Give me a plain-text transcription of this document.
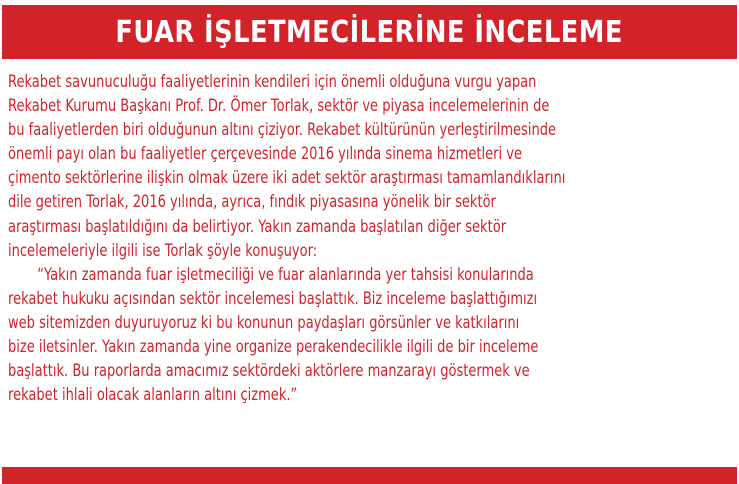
FUAR İŞLETMECİLERİNE İNCELEME
Rekabet savunuculuğu faaliyetlerinin kendileri için önemli olduğuna vurgu yapan
Rekabet Kurumu Başkanı Prof. Dr. Ömer Torlak, sektör ve piyasa incelemelerinin de
bu faaliyetlerden biri olduğunun altını çiziyor. Rekabet kültürünün yerleştirilmesinde
önemli payı olan bu faaliyetler çerçevesinde 2016 yılında sinema hizmetleri ve
çimento sektörlerine ilişkin olmak üzere iki adet sektör araştırması tamamlandıklarını
dile getiren Torlak, 2016 yılında, ayrıca, fındık piyasasına yönelik bir sektör
araştırması başlatıldığını da belirtiyor. Yakın zamanda başlatılan diğer sektör
incelemeleriyle ilgili ise Torlak şöyle konuşuyor:
“Yakın zamanda fuar işletmeciliği ve fuar alanlarında yer tahsisi konularında
rekabet hukuku açısından sektör incelemesi başlattık. Biz inceleme başlattığımızı
web sitemizden duyuruyoruz ki bu konunun paydaşları görsünler ve katkılarını
bize iletsinler. Yakın zamanda yine organize perakendecilikle ilgili de bir inceleme
başlattık. Bu raporlarda amacımız sektördeki aktörlere manzarayı göstermek ve
rekabet ihlali olacak alanların altını çizmek.”
